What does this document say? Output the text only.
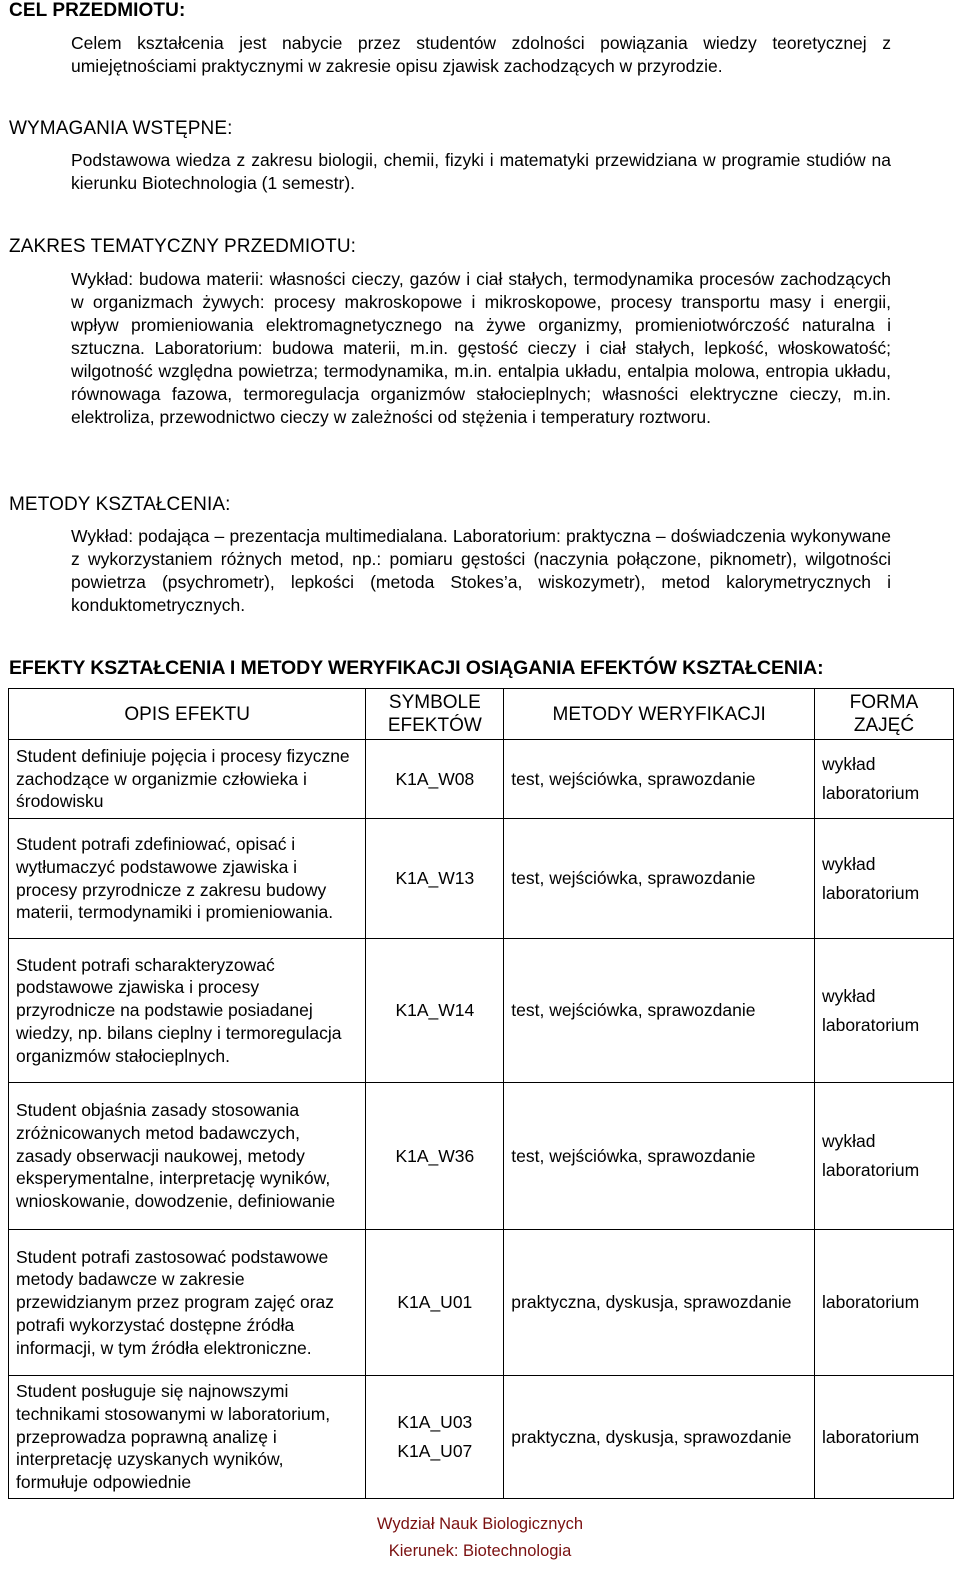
CEL PRZEDMIOTU:
Celem kształcenia jest nabycie przez studentów zdolności powiązania wiedzy teoretycznej z umiejętnościami praktycznymi w zakresie opisu zjawisk zachodzących w przyrodzie.
WYMAGANIA WSTĘPNE:
Podstawowa wiedza z zakresu biologii, chemii, fizyki i matematyki przewidziana w programie studiów na kierunku Biotechnologia (1 semestr).
ZAKRES TEMATYCZNY PRZEDMIOTU:
Wykład: budowa materii: własności cieczy, gazów i ciał stałych, termodynamika procesów zachodzących w organizmach żywych: procesy makroskopowe i mikroskopowe, procesy transportu masy i energii, wpływ promieniowania elektromagnetycznego na żywe organizmy, promieniotwórczość naturalna i sztuczna. Laboratorium: budowa materii, m.in. gęstość cieczy i ciał stałych, lepkość, włoskowatość; wilgotność względna powietrza; termodynamika, m.in. entalpia układu, entalpia molowa, entropia układu, równowaga fazowa, termoregulacja organizmów stałocieplnych; własności elektryczne cieczy, m.in. elektroliza, przewodnictwo cieczy w zależności od stężenia i temperatury roztworu.
METODY KSZTAŁCENIA:
Wykład: podająca – prezentacja multimedialana. Laboratorium: praktyczna – doświadczenia wykonywane z wykorzystaniem różnych metod, np.: pomiaru gęstości (naczynia połączone, piknometr), wilgotności powietrza (psychrometr), lepkości (metoda Stokes’a, wiskozymetr), metod kalorymetrycznych i konduktometrycznych.
EFEKTY KSZTAŁCENIA I METODY WERYFIKACJI OSIĄGANIA EFEKTÓW KSZTAŁCENIA:
OPIS EFEKTU	SYMBOLE EFEKTÓW	METODY WERYFIKACJI	FORMA ZAJĘĆ
Student definiuje pojęcia i procesy fizyczne zachodzące w organizmie człowieka i środowisku	K1A_W08	test, wejściówka, sprawozdanie	wykład
laboratorium

Student potrafi zdefiniować, opisać i wytłumaczyć podstawowe zjawiska i procesy przyrodnicze z zakresu budowy materii, termodynamiki i promieniowania.	K1A_W13	test, wejściówka, sprawozdanie	wykład
laboratorium

Student potrafi scharakteryzować podstawowe zjawiska i procesy przyrodnicze na podstawie posiadanej wiedzy, np. bilans cieplny i termoregulacja organizmów stałocieplnych.	K1A_W14	test, wejściówka, sprawozdanie	wykład
laboratorium

Student objaśnia zasady stosowania zróżnicowanych metod badawczych, zasady obserwacji naukowej, metody eksperymentalne, interpretację wyników, wnioskowanie, dowodzenie, definiowanie	K1A_W36	test, wejściówka, sprawozdanie	wykład
laboratorium

Student potrafi zastosować podstawowe metody badawcze w zakresie przewidzianym przez program zajęć oraz potrafi wykorzystać dostępne źródła informacji, w tym źródła elektroniczne.	K1A_U01	praktyczna, dyskusja, sprawozdanie	laboratorium

Student posługuje się najnowszymi technikami stosowanymi w laboratorium, przeprowadza poprawną analizę i interpretację uzyskanych wyników, formułuje odpowiednie	K1A_U03
K1A_U07	praktyczna, dyskusja, sprawozdanie	laboratorium
Wydział Nauk Biologicznych
Kierunek: Biotechnologia
